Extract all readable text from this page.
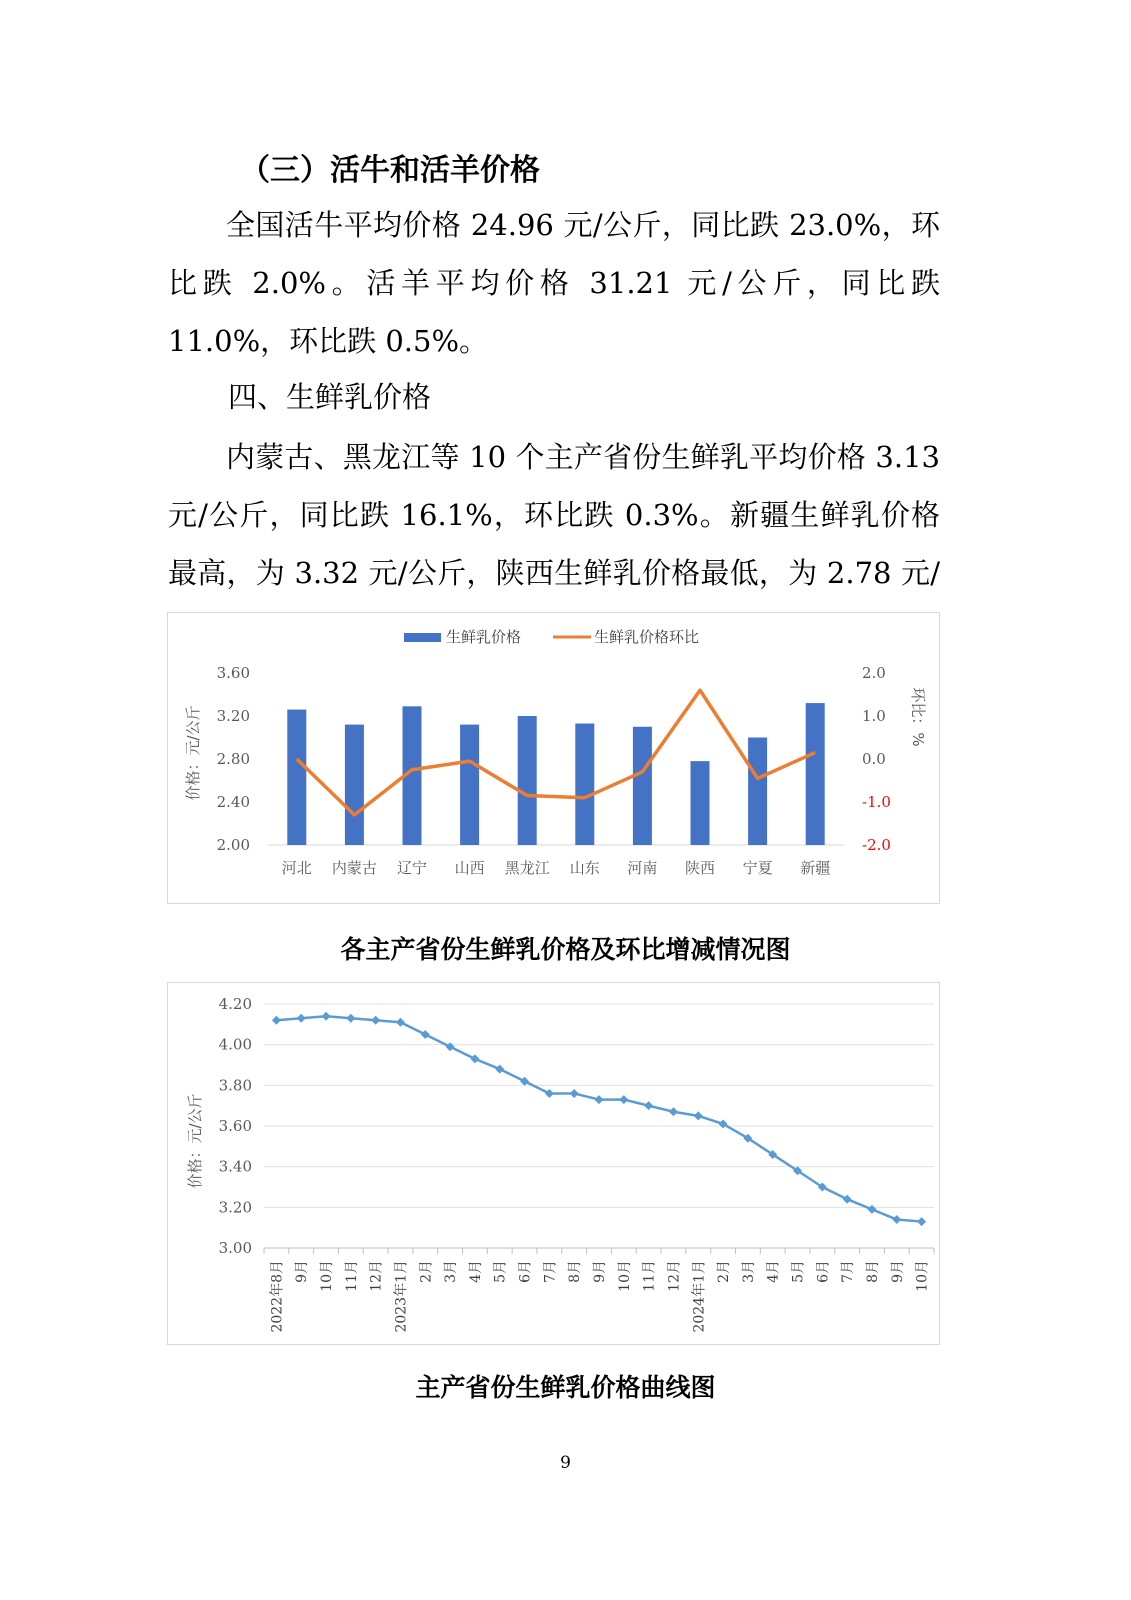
（三）活牛和活羊价格

全国活牛平均价格 24.96 元/公斤，同比跌 23.0%，环比跌 2.0%。活羊平均价格 31.21 元/公斤，同比跌 11.0%，环比跌 0.5%。

四、生鲜乳价格

内蒙古、黑龙江等 10 个主产省份生鲜乳平均价格 3.13 元/公斤，同比跌 16.1%，环比跌 0.3%。新疆生鲜乳价格最高，为 3.32 元/公斤，陕西生鲜乳价格最低，为 2.78 元/

生鲜乳价格	生鲜乳价格环比
3.60
3.20
2.80
2.40
2.00
2.0
1.0
0.0
-1.0
-2.0
价格：元/公斤	环比：%
河北 内蒙古 辽宁 山西 黑龙江 山东 河南 陕西 宁夏 新疆

各主产省份生鲜乳价格及环比增减情况图

4.20
4.00
3.80
3.60
3.40
3.20
3.00
价格：元/公斤
2022年8月 9月 10月 11月 12月 2023年1月 2月 3月 4月 5月 6月 7月 8月 9月 10月 11月 12月 2024年1月 2月 3月 4月 5月 6月 7月 8月 9月 10月

主产省份生鲜乳价格曲线图

9
